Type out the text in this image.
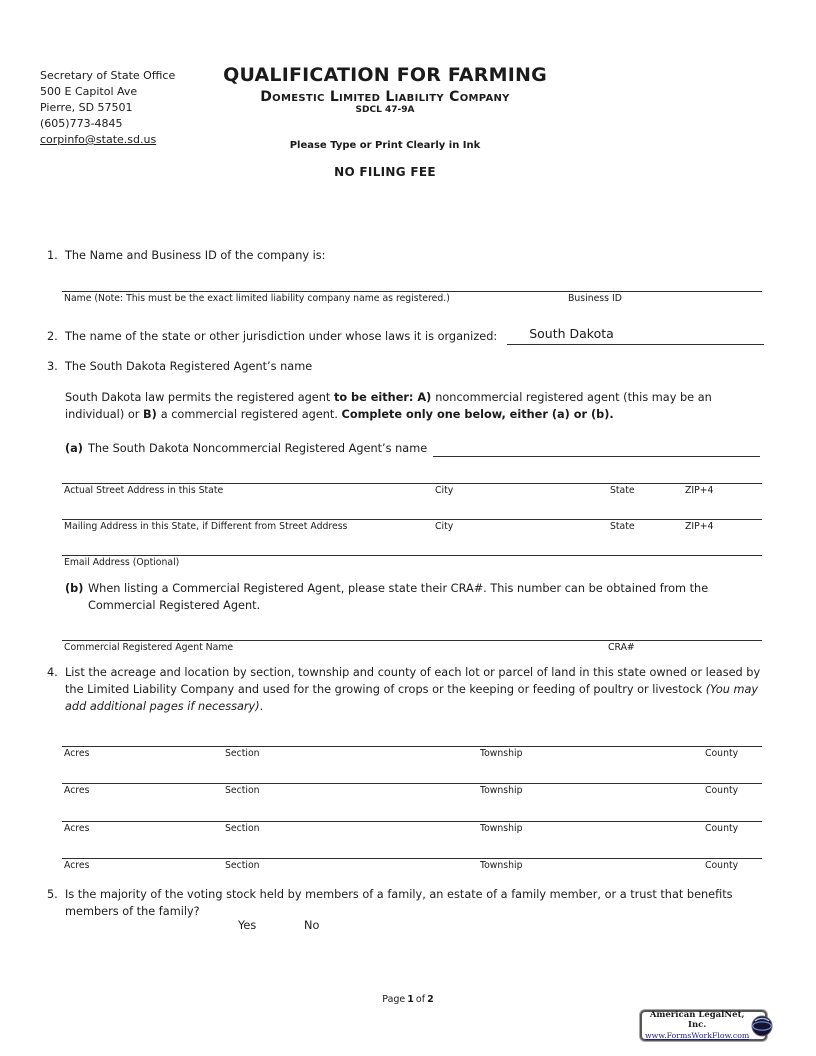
Secretary of State Office
500 E Capitol Ave
Pierre, SD 57501
(605)773-4845
corpinfo@state.sd.us
QUALIFICATION FOR FARMING
Domestic Limited Liability Company
SDCL 47-9A
Please Type or Print Clearly in Ink
NO FILING FEE
1. The Name and Business ID of the company is:
Name (Note: This must be the exact limited liability company name as registered.)	Business ID
2. The name of the state or other jurisdiction under whose laws it is organized:	South Dakota
3. The South Dakota Registered Agent’s name
South Dakota law permits the registered agent to be either: A) noncommercial registered agent (this may be an individual) or B) a commercial registered agent. Complete only one below, either (a) or (b).
(a) The South Dakota Noncommercial Registered Agent’s name
Actual Street Address in this State	City	State	ZIP+4
Mailing Address in this State, if Different from Street Address	City	State	ZIP+4
Email Address (Optional)
(b) When listing a Commercial Registered Agent, please state their CRA#. This number can be obtained from the Commercial Registered Agent.
Commercial Registered Agent Name	CRA#
4. List the acreage and location by section, township and county of each lot or parcel of land in this state owned or leased by the Limited Liability Company and used for the growing of crops or the keeping or feeding of poultry or livestock (You may add additional pages if necessary).
Acres	Section	Township	County
Acres	Section	Township	County
Acres	Section	Township	County
Acres	Section	Township	County
5. Is the majority of the voting stock held by members of a family, an estate of a family member, or a trust that benefits members of the family?
Yes	No
Page 1 of 2
American LegalNet, Inc.
www.FormsWorkFlow.com
